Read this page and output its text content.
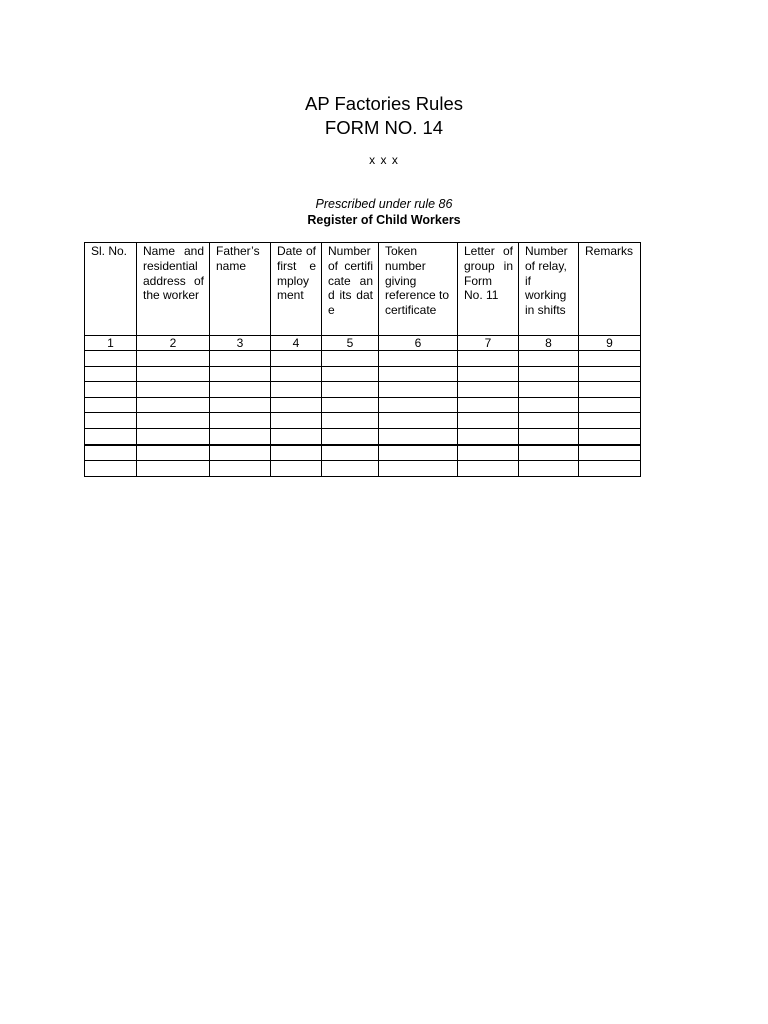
AP Factories Rules
FORM NO. 14
x x x
Prescribed under rule 86
Register of Child Workers
Sl. No.	Name and residential address of the worker	Father’s name	Date of first employment	Number of certificate and its date	Token number giving reference to certificate	Letter of group in Form No. 11	Number of relay, if working in shifts	Remarks
1	2	3	4	5	6	7	8	9
